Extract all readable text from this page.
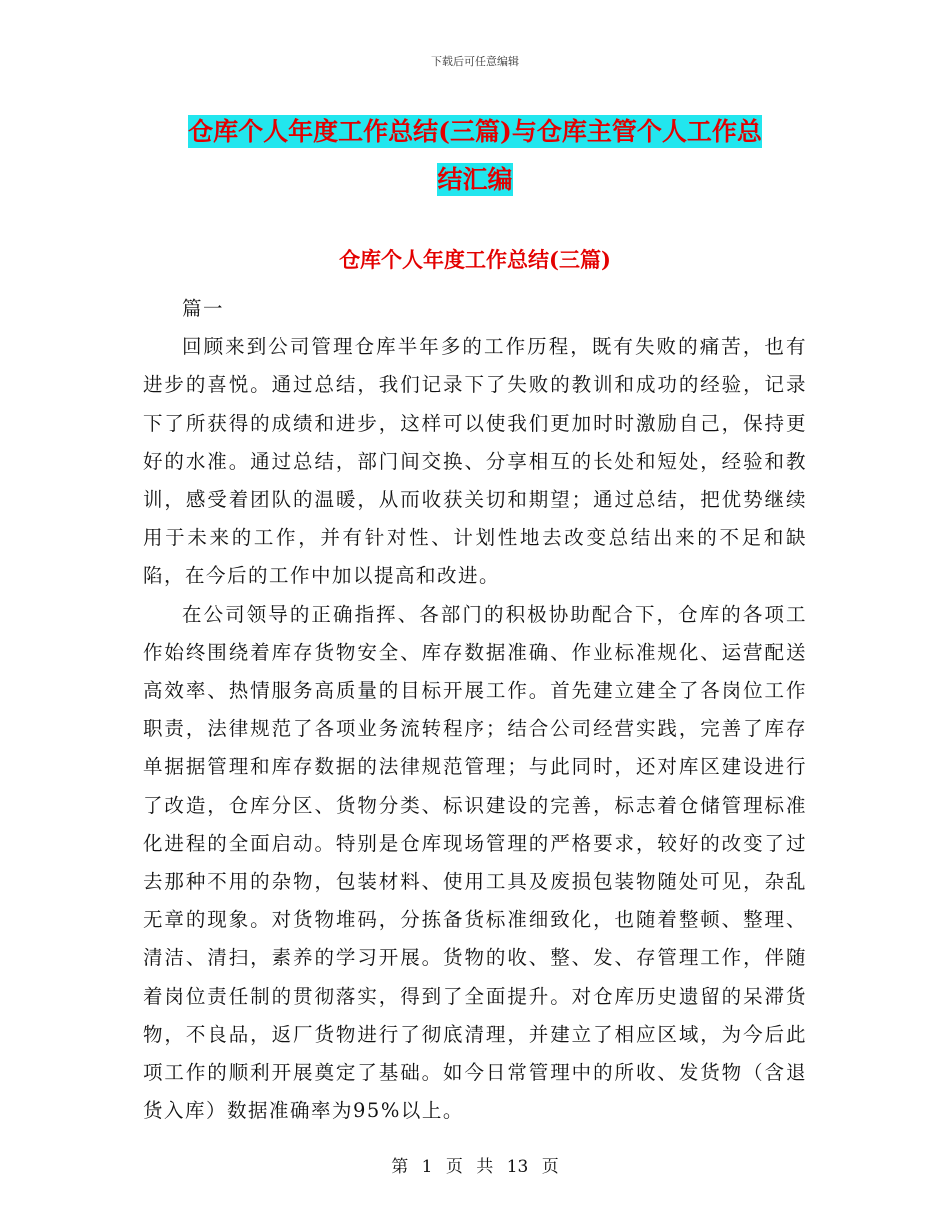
下载后可任意编辑
仓库个人年度工作总结(三篇)与仓库主管个人工作总
结汇编
仓库个人年度工作总结(三篇)

篇一

回顾来到公司管理仓库半年多的工作历程，既有失败的痛苦，也有进步的喜悦。通过总结，我们记录下了失败的教训和成功的经验，记录下了所获得的成绩和进步，这样可以使我们更加时时激励自己，保持更好的水准。通过总结，部门间交换、分享相互的长处和短处，经验和教训，感受着团队的温暖，从而收获关切和期望；通过总结，把优势继续用于未来的工作，并有针对性、计划性地去改变总结出来的不足和缺陷，在今后的工作中加以提高和改进。

在公司领导的正确指挥、各部门的积极协助配合下，仓库的各项工作始终围绕着库存货物安全、库存数据准确、作业标准规化、运营配送高效率、热情服务高质量的目标开展工作。首先建立建全了各岗位工作职责，法律规范了各项业务流转程序；结合公司经营实践，完善了库存单据据管理和库存数据的法律规范管理；与此同时，还对库区建设进行了改造，仓库分区、货物分类、标识建设的完善，标志着仓储管理标准化进程的全面启动。特别是仓库现场管理的严格要求，较好的改变了过去那种不用的杂物，包装材料、使用工具及废损包装物随处可见，杂乱无章的现象。对货物堆码，分拣备货标准细致化，也随着整顿、整理、清洁、清扫，素养的学习开展。货物的收、整、发、存管理工作，伴随着岗位责任制的贯彻落实，得到了全面提升。对仓库历史遗留的呆滞货物，不良品，返厂货物进行了彻底清理，并建立了相应区域，为今后此项工作的顺利开展奠定了基础。如今日常管理中的所收、发货物（含退货入库）数据准确率为95%以上。

第 1 页 共 13 页
